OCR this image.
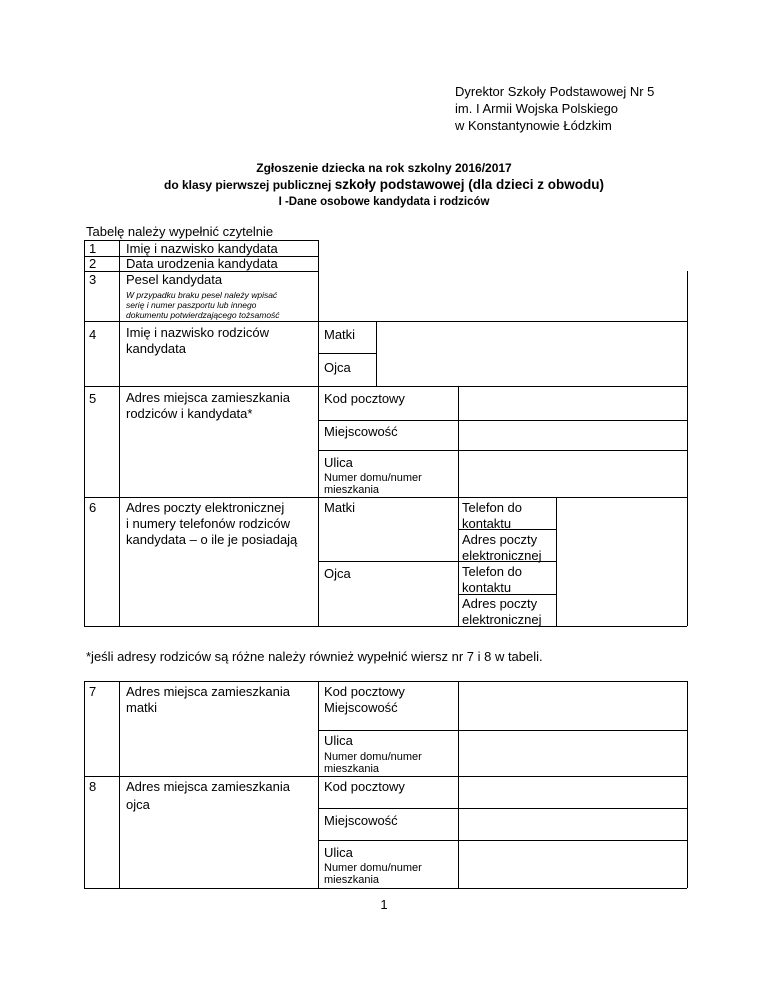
Dyrektor Szkoły Podstawowej Nr 5
im. I Armii Wojska Polskiego
w Konstantynowie Łódzkim
Zgłoszenie dziecka na rok szkolny 2016/2017
do klasy pierwszej publicznej szkoły podstawowej (dla dzieci z obwodu)
I -Dane osobowe kandydata i rodziców
Tabelę należy wypełnić czytelnie
1 Imię i nazwisko kandydata
2 Data urodzenia kandydata
3 Pesel kandydata
W przypadku braku pesel należy wpisać
serię i numer paszportu lub innego
dokumentu potwierdzającego tożsamość
4 Imię i nazwisko rodziców
kandydata
Matki
Ojca
5 Adres miejsca zamieszkania
rodziców i kandydata*
Kod pocztowy
Miejscowość
Ulica
Numer domu/numer
mieszkania
6 Adres poczty elektronicznej
i numery telefonów rodziców
kandydata – o ile je posiadają
Matki
Ojca
Telefon do
kontaktu
Adres poczty
elektronicznej
Telefon do
kontaktu
Adres poczty
elektronicznej
*jeśli adresy rodziców są różne należy również wypełnić wiersz nr 7 i 8 w tabeli.
7 Adres miejsca zamieszkania
matki
Kod pocztowy
Miejscowość
Ulica
Numer domu/numer
mieszkania
8 Adres miejsca zamieszkania
ojca
Kod pocztowy
Miejscowość
Ulica
Numer domu/numer
mieszkania
1
